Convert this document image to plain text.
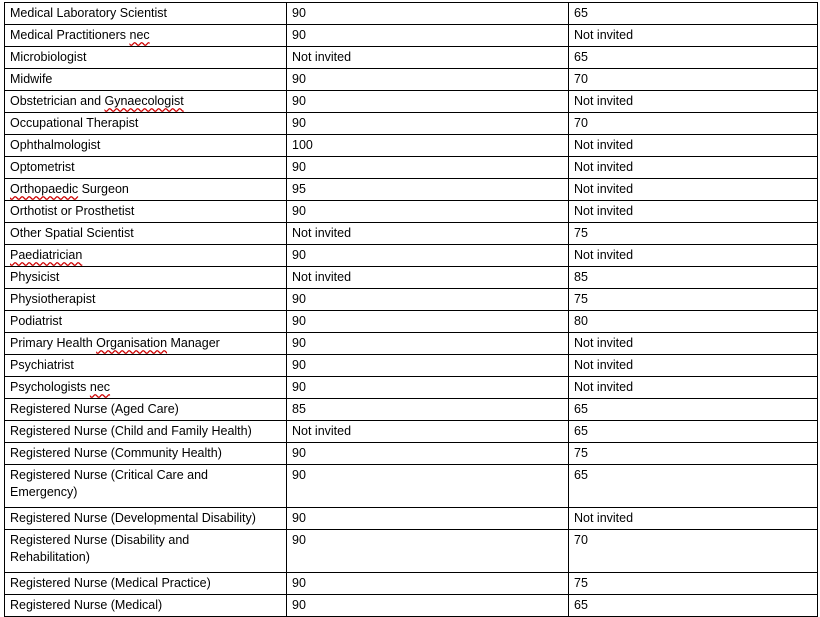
Medical Laboratory Scientist	90	65
Medical Practitioners nec	90	Not invited
Microbiologist	Not invited	65
Midwife	90	70
Obstetrician and Gynaecologist	90	Not invited
Occupational Therapist	90	70
Ophthalmologist	100	Not invited
Optometrist	90	Not invited
Orthopaedic Surgeon	95	Not invited
Orthotist or Prosthetist	90	Not invited
Other Spatial Scientist	Not invited	75
Paediatrician	90	Not invited
Physicist	Not invited	85
Physiotherapist	90	75
Podiatrist	90	80
Primary Health Organisation Manager	90	Not invited
Psychiatrist	90	Not invited
Psychologists nec	90	Not invited
Registered Nurse (Aged Care)	85	65
Registered Nurse (Child and Family Health)	Not invited	65
Registered Nurse (Community Health)	90	75
Registered Nurse (Critical Care and
Emergency)	90	65
Registered Nurse (Developmental Disability)	90	Not invited
Registered Nurse (Disability and
Rehabilitation)	90	70
Registered Nurse (Medical Practice)	90	75
Registered Nurse (Medical)	90	65
